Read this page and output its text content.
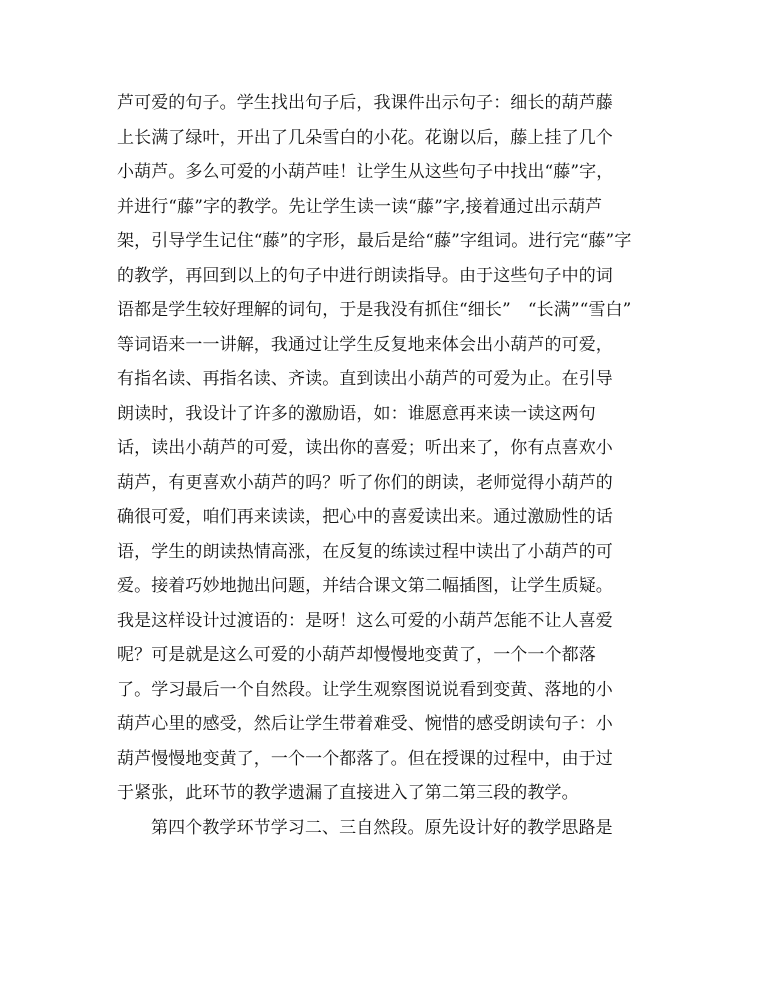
芦可爱的句子。学生找出句子后，我课件出示句子：细长的葫芦藤
上长满了绿叶，开出了几朵雪白的小花。花谢以后，藤上挂了几个
小葫芦。多么可爱的小葫芦哇！让学生从这些句子中找出“藤”字，
并进行“藤”字的教学。先让学生读一读“藤”字,接着通过出示葫芦
架，引导学生记住“藤”的字形，最后是给“藤”字组词。进行完“藤”字
的教学，再回到以上的句子中进行朗读指导。由于这些句子中的词
语都是学生较好理解的词句，于是我没有抓住“细长”　“长满”“雪白”
等词语来一一讲解，我通过让学生反复地来体会出小葫芦的可爱，
有指名读、再指名读、齐读。直到读出小葫芦的可爱为止。在引导
朗读时，我设计了许多的激励语，如：谁愿意再来读一读这两句
话，读出小葫芦的可爱，读出你的喜爱；听出来了，你有点喜欢小
葫芦，有更喜欢小葫芦的吗？听了你们的朗读，老师觉得小葫芦的
确很可爱，咱们再来读读，把心中的喜爱读出来。通过激励性的话
语，学生的朗读热情高涨，在反复的练读过程中读出了小葫芦的可
爱。接着巧妙地抛出问题，并结合课文第二幅插图，让学生质疑。
我是这样设计过渡语的：是呀！这么可爱的小葫芦怎能不让人喜爱
呢？可是就是这么可爱的小葫芦却慢慢地变黄了，一个一个都落
了。学习最后一个自然段。让学生观察图说说看到变黄、落地的小
葫芦心里的感受，然后让学生带着难受、惋惜的感受朗读句子：小
葫芦慢慢地变黄了，一个一个都落了。但在授课的过程中，由于过
于紧张，此环节的教学遗漏了直接进入了第二第三段的教学。
第四个教学环节学习二、三自然段。原先设计好的教学思路是
